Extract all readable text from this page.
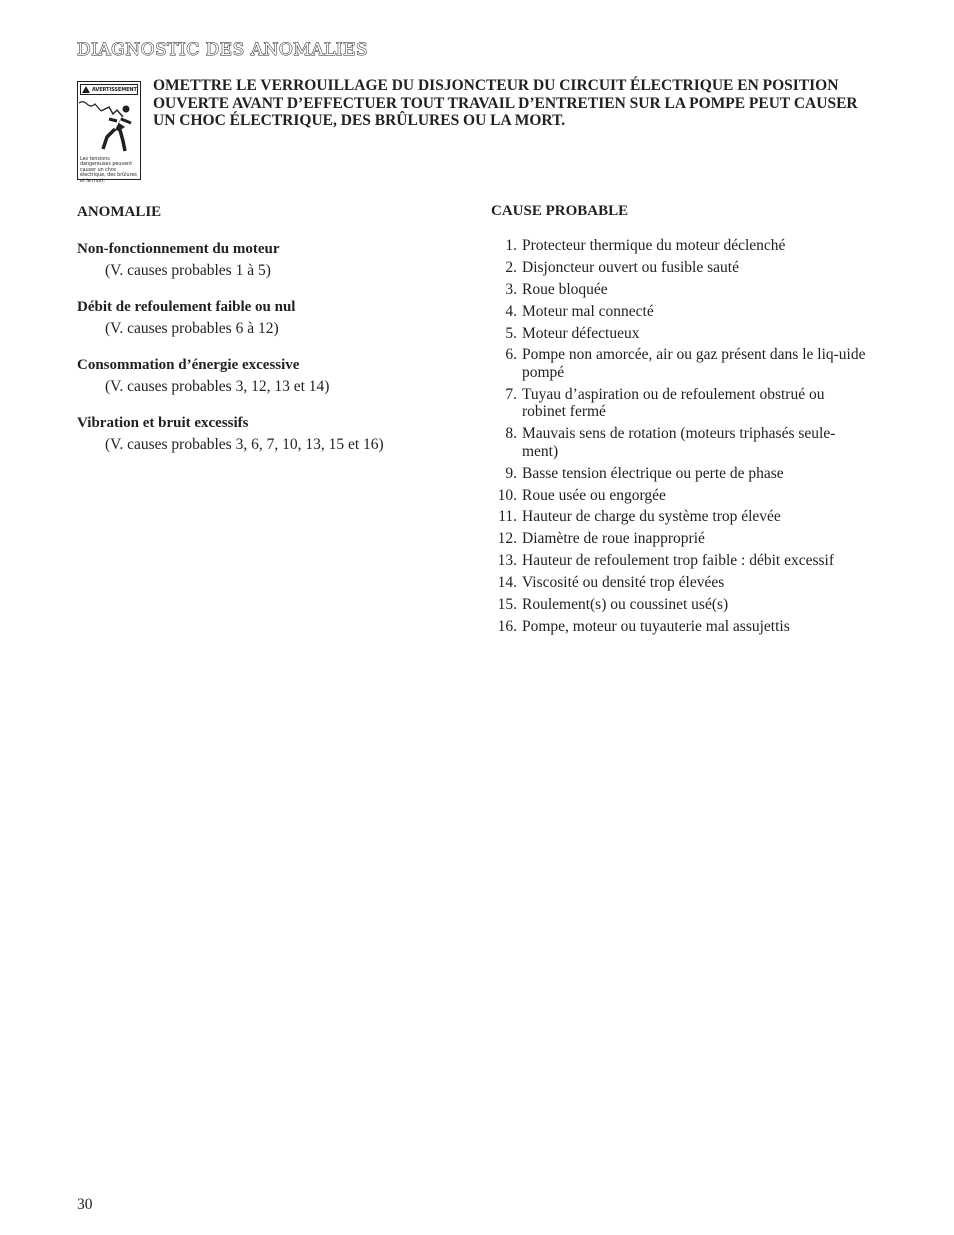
DIAGNOSTIC DES ANOMALIES
AVERTISSEMENT
Les tensions dangereuses peuvent causer un choc électrique, des brûlures et la mort.
OMETTRE LE VERROUILLAGE DU DISJONCTEUR DU CIRCUIT ÉLECTRIQUE EN POSITION OUVERTE AVANT D’EFFECTUER TOUT TRAVAIL D’ENTRETIEN SUR LA POMPE PEUT CAUSER UN CHOC ÉLECTRIQUE, DES BRÛLURES OU LA MORT.
ANOMALIE	CAUSE PROBABLE
Non-fonctionnement du moteur
(V. causes probables 1 à 5)
Débit de refoulement faible ou nul
(V. causes probables 6 à 12)
Consommation d’énergie excessive
(V. causes probables 3, 12, 13 et 14)
Vibration et bruit excessifs
(V. causes probables 3, 6, 7, 10, 13, 15 et 16)
1. Protecteur thermique du moteur déclenché
2. Disjoncteur ouvert ou fusible sauté
3. Roue bloquée
4. Moteur mal connecté
5. Moteur défectueux
6. Pompe non amorcée, air ou gaz présent dans le liq-uide pompé
7. Tuyau d’aspiration ou de refoulement obstrué ou robinet fermé
8. Mauvais sens de rotation (moteurs triphasés seule-ment)
9. Basse tension électrique ou perte de phase
10. Roue usée ou engorgée
11. Hauteur de charge du système trop élevée
12. Diamètre de roue inapproprié
13. Hauteur de refoulement trop faible : débit excessif
14. Viscosité ou densité trop élevées
15. Roulement(s) ou coussinet usé(s)
16. Pompe, moteur ou tuyauterie mal assujettis
30
